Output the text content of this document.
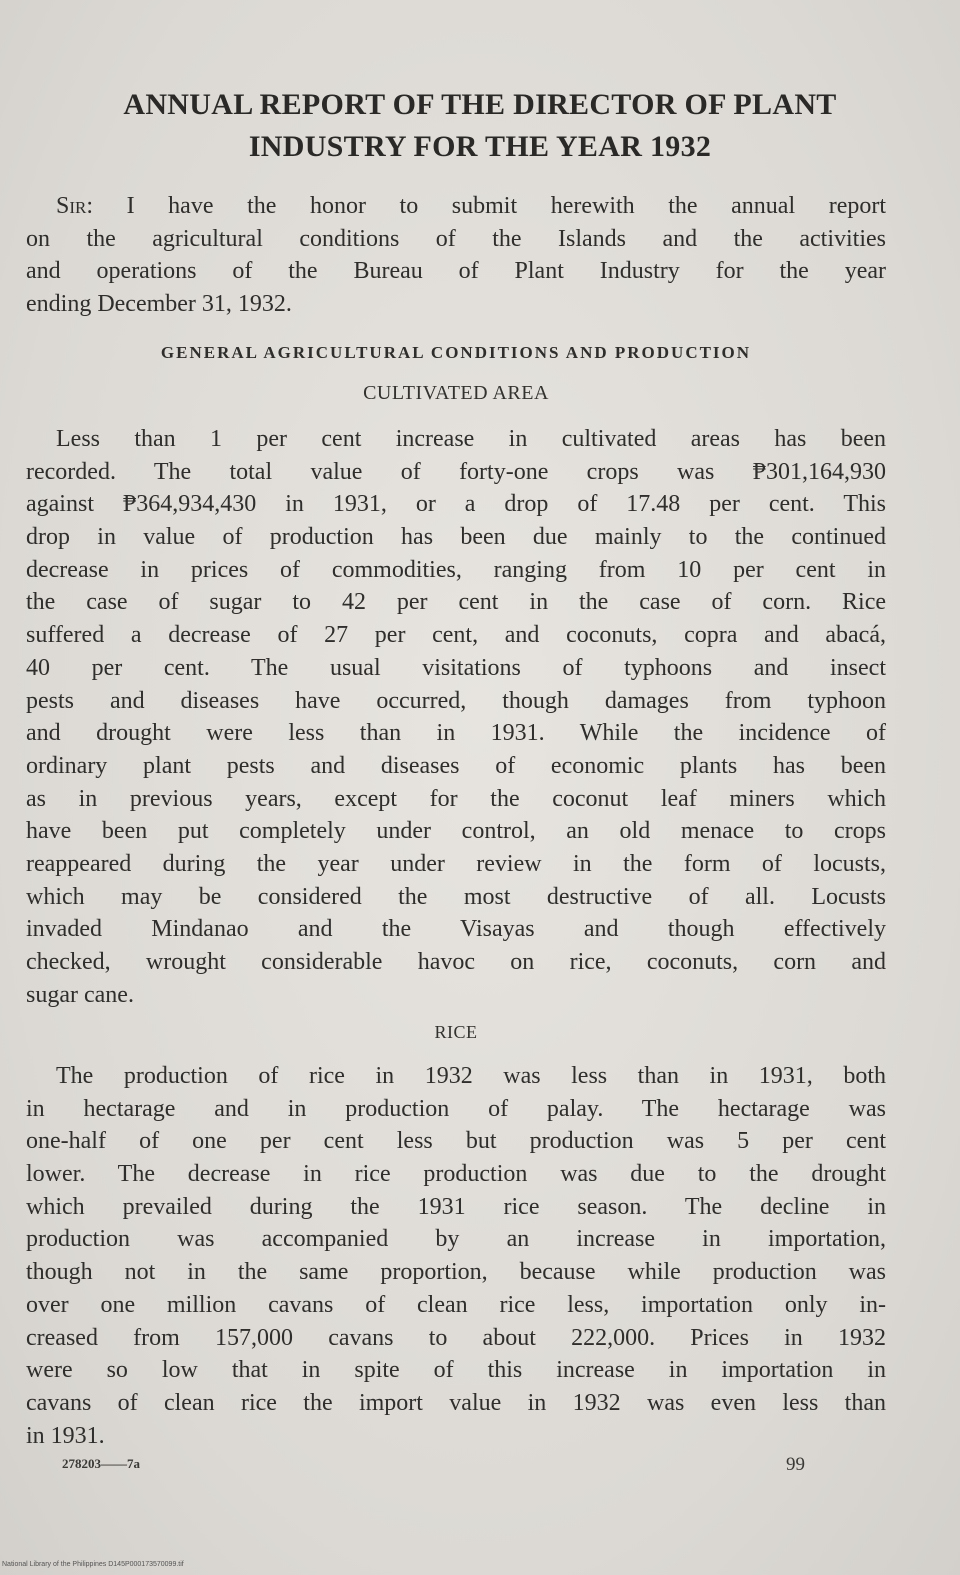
ANNUAL REPORT OF THE DIRECTOR OF PLANT
INDUSTRY FOR THE YEAR 1932
Sir: I have the honor to submit herewith the annual report
on the agricultural conditions of the Islands and the activities
and operations of the Bureau of Plant Industry for the year
ending December 31, 1932.
GENERAL AGRICULTURAL CONDITIONS AND PRODUCTION
CULTIVATED AREA
Less than 1 per cent increase in cultivated areas has been
recorded. The total value of forty-one crops was ₱301,164,930
against ₱364,934,430 in 1931, or a drop of 17.48 per cent. This
drop in value of production has been due mainly to the continued
decrease in prices of commodities, ranging from 10 per cent in
the case of sugar to 42 per cent in the case of corn. Rice
suffered a decrease of 27 per cent, and coconuts, copra and abacá,
40 per cent. The usual visitations of typhoons and insect
pests and diseases have occurred, though damages from typhoon
and drought were less than in 1931. While the incidence of
ordinary plant pests and diseases of economic plants has been
as in previous years, except for the coconut leaf miners which
have been put completely under control, an old menace to crops
reappeared during the year under review in the form of locusts,
which may be considered the most destructive of all. Locusts
invaded Mindanao and the Visayas and though effectively
checked, wrought considerable havoc on rice, coconuts, corn and
sugar cane.
RICE
The production of rice in 1932 was less than in 1931, both
in hectarage and in production of palay. The hectarage was
one-half of one per cent less but production was 5 per cent
lower. The decrease in rice production was due to the drought
which prevailed during the 1931 rice season. The decline in
production was accompanied by an increase in importation,
though not in the same proportion, because while production was
over one million cavans of clean rice less, importation only in-
creased from 157,000 cavans to about 222,000. Prices in 1932
were so low that in spite of this increase in importation in
cavans of clean rice the import value in 1932 was even less than
in 1931.
278203——7a	99
National Library of the Philippines D145P000173570099.tif
